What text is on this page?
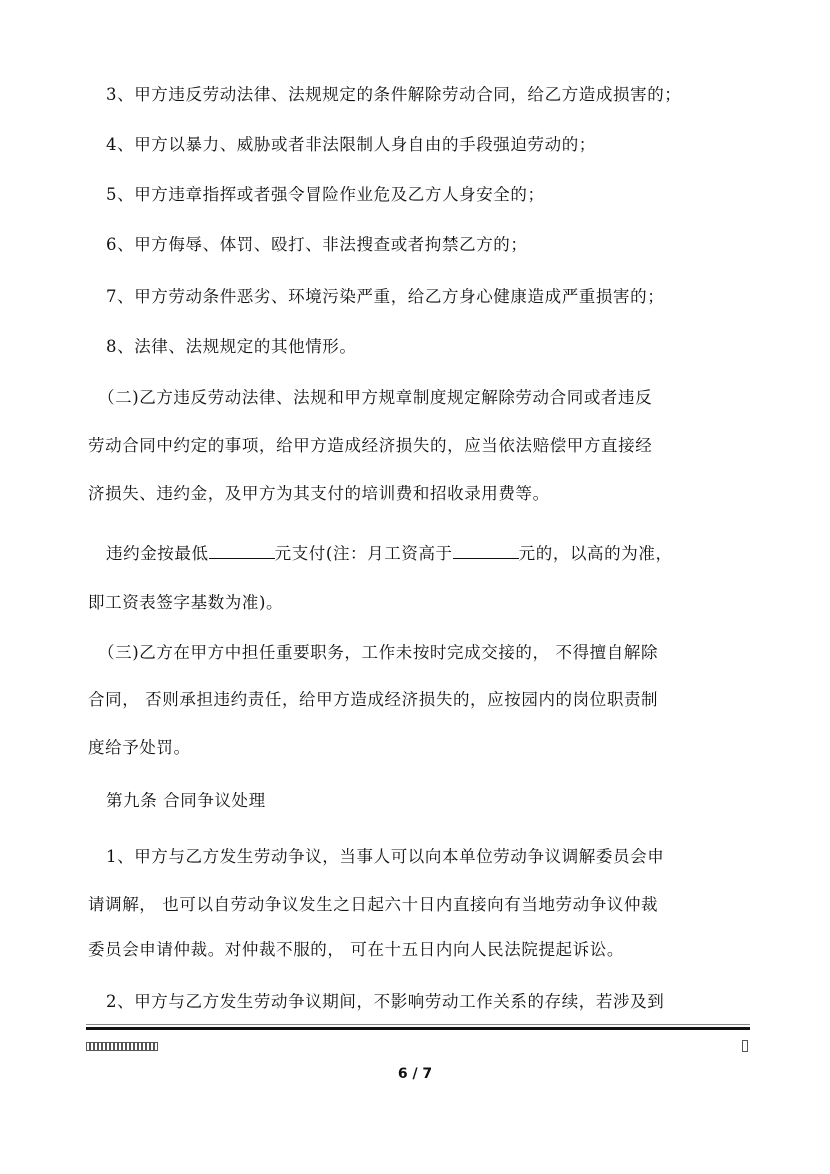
3、甲方违反劳动法律、法规规定的条件解除劳动合同，给乙方造成损害的；
4、甲方以暴力、威胁或者非法限制人身自由的手段强迫劳动的；
5、甲方违章指挥或者强令冒险作业危及乙方人身安全的；
6、甲方侮辱、体罚、殴打、非法搜查或者拘禁乙方的；
7、甲方劳动条件恶劣、环境污染严重，给乙方身心健康造成严重损害的；
8、法律、法规规定的其他情形。
（二)乙方违反劳动法律、法规和甲方规章制度规定解除劳动合同或者违反
劳动合同中约定的事项，给甲方造成经济损失的，应当依法赔偿甲方直接经
济损失、违约金，及甲方为其支付的培训费和招收录用费等。
违约金按最低	元支付(注：月工资高于	元的，以高的为准，
即工资表签字基数为准)。
（三)乙方在甲方中担任重要职务，工作未按时完成交接的， 不得擅自解除
合同， 否则承担违约责任，给甲方造成经济损失的，应按园内的岗位职责制
度给予处罚。
第九条 合同争议处理
1、甲方与乙方发生劳动争议，当事人可以向本单位劳动争议调解委员会申
请调解， 也可以自劳动争议发生之日起六十日内直接向有当地劳动争议仲裁
委员会申请仲裁。对仲裁不服的， 可在十五日内向人民法院提起诉讼。
2、甲方与乙方发生劳动争议期间，不影响劳动工作关系的存续，若涉及到
6 / 7
